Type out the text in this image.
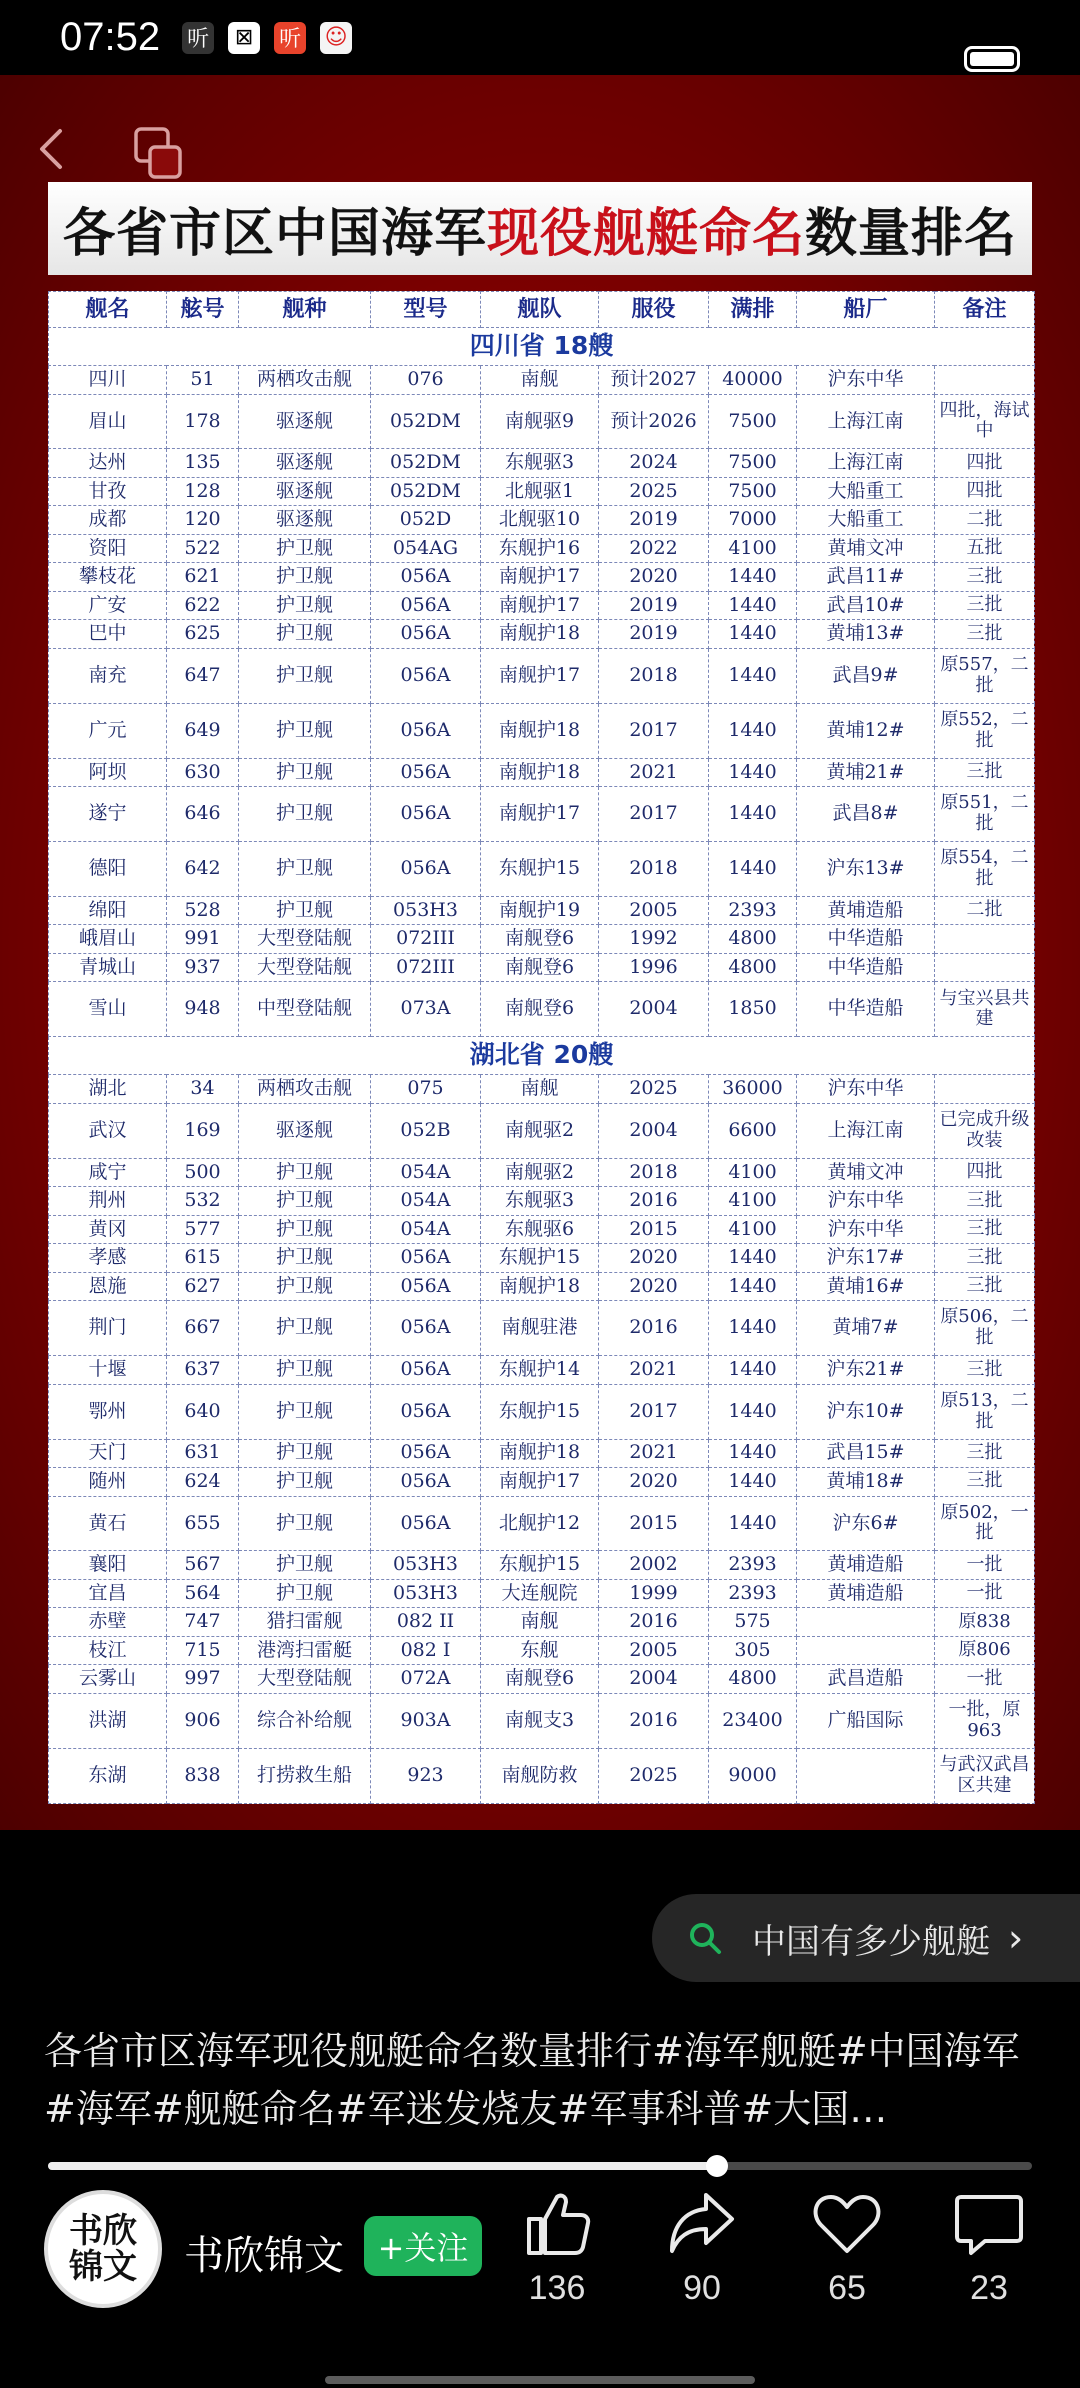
07:52 听	⊠	听 ☺
各省市区中国海军 现役舰艇命名 数量排名
舰名	舷号	舰种	型号	舰队	服役	满排	船厂	备注
四川省 18艘								
四川	51	两栖攻击舰	076	南舰	预计2027	40000	沪东中华	
眉山	178	驱逐舰	052DM	南舰驱9	预计2026	7500	上海江南	四批，海试中
达州	135	驱逐舰	052DM	东舰驱3	2024	7500	上海江南	四批
甘孜	128	驱逐舰	052DM	北舰驱1	2025	7500	大船重工	四批
成都	120	驱逐舰	052D	北舰驱10	2019	7000	大船重工	二批
资阳	522	护卫舰	054AG	东舰护16	2022	4100	黄埔文冲	五批
攀枝花	621	护卫舰	056A	南舰护17	2020	1440	武昌11#	三批
广安	622	护卫舰	056A	南舰护17	2019	1440	武昌10#	三批
巴中	625	护卫舰	056A	南舰护18	2019	1440	黄埔13#	三批
南充	647	护卫舰	056A	南舰护17	2018	1440	武昌9#	原557，二批
广元	649	护卫舰	056A	南舰护18	2017	1440	黄埔12#	原552，二批
阿坝	630	护卫舰	056A	南舰护18	2021	1440	黄埔21#	三批
遂宁	646	护卫舰	056A	南舰护17	2017	1440	武昌8#	原551，二批
德阳	642	护卫舰	056A	东舰护15	2018	1440	沪东13#	原554，二批
绵阳	528	护卫舰	053H3	南舰护19	2005	2393	黄埔造船	二批
峨眉山	991	大型登陆舰	072III	南舰登6	1992	4800	中华造船	
青城山	937	大型登陆舰	072III	南舰登6	1996	4800	中华造船	
雪山	948	中型登陆舰	073A	南舰登6	2004	1850	中华造船	与宝兴县共建
湖北省 20艘								
湖北	34	两栖攻击舰	075	南舰	2025	36000	沪东中华	
武汉	169	驱逐舰	052B	南舰驱2	2004	6600	上海江南	已完成升级改装
咸宁	500	护卫舰	054A	南舰驱2	2018	4100	黄埔文冲	四批
荆州	532	护卫舰	054A	东舰驱3	2016	4100	沪东中华	三批
黄冈	577	护卫舰	054A	东舰驱6	2015	4100	沪东中华	三批
孝感	615	护卫舰	056A	东舰护15	2020	1440	沪东17#	三批
恩施	627	护卫舰	056A	南舰护18	2020	1440	黄埔16#	三批
荆门	667	护卫舰	056A	南舰驻港	2016	1440	黄埔7#	原506，二批
十堰	637	护卫舰	056A	东舰护14	2021	1440	沪东21#	三批
鄂州	640	护卫舰	056A	东舰护15	2017	1440	沪东10#	原513，二批
天门	631	护卫舰	056A	南舰护18	2021	1440	武昌15#	三批
随州	624	护卫舰	056A	南舰护17	2020	1440	黄埔18#	三批
黄石	655	护卫舰	056A	北舰护12	2015	1440	沪东6#	原502，一批
襄阳	567	护卫舰	053H3	东舰护15	2002	2393	黄埔造船	一批
宜昌	564	护卫舰	053H3	大连舰院	1999	2393	黄埔造船	一批
赤壁	747	猎扫雷舰	082 II	南舰	2016	575		原838
枝江	715	港湾扫雷艇	082 I	东舰	2005	305		原806
云雾山	997	大型登陆舰	072A	南舰登6	2004	4800	武昌造船	一批
洪湖	906	综合补给舰	903A	南舰支3	2016	23400	广船国际	一批，原963
东湖	838	打捞救生船	923	南舰防救	2025	9000		与武汉武昌区共建
中国有多少舰艇 ›
各省市区海军现役舰艇命名数量排行#海军舰艇#中国海军#海军#舰艇命名#军迷发烧友#军事科普#大国…
书欣锦文 书欣锦文	+关注
136	90	65	23
